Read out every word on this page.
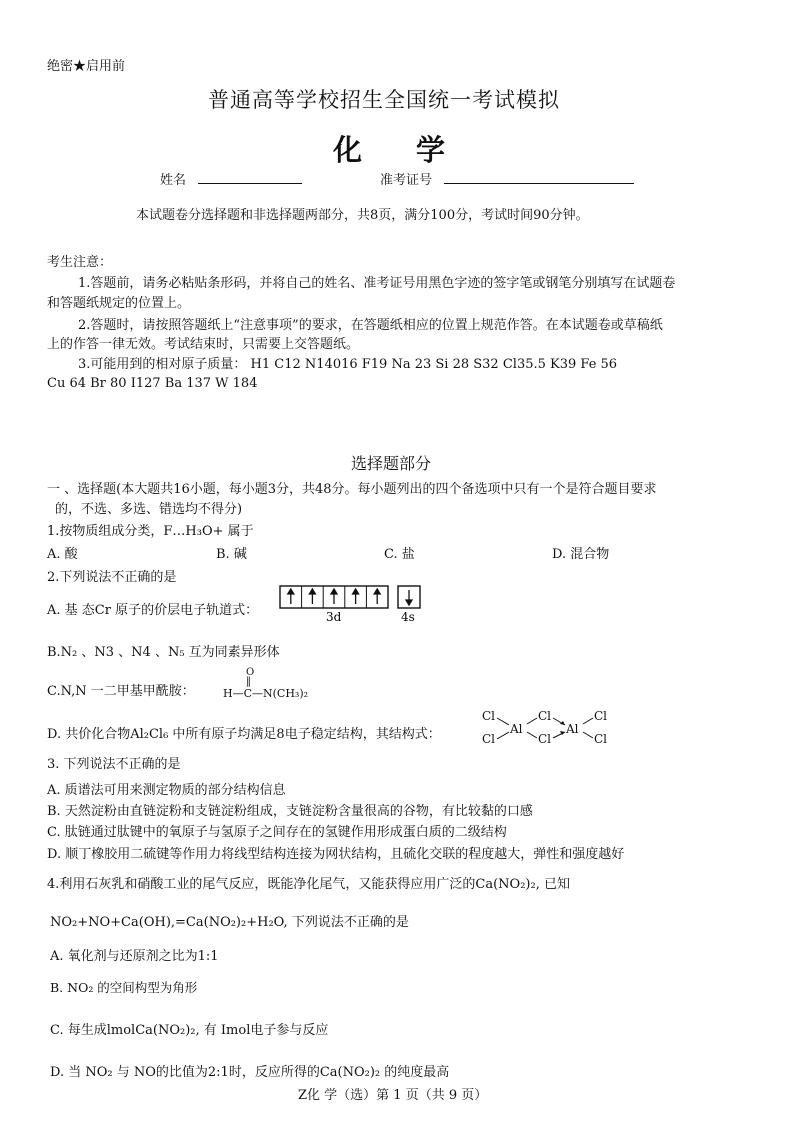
绝密★启用前
普通高等学校招生全国统一考试模拟
化学
姓名	准考证号
本试题卷分选择题和非选择题两部分，共8页，满分100分，考试时间90分钟。
考生注意：
1.答题前，请务必粘贴条形码，并将自己的姓名、准考证号用黑色字迹的签字笔或钢笔分别填写在试题卷
和答题纸规定的位置上。
2.答题时，请按照答题纸上“注意事项”的要求，在答题纸相应的位置上规范作答。在本试题卷或草稿纸
上的作答一律无效。考试结束时，只需要上交答题纸。
3.可能用到的相对原子质量： H1 C12 N14016 F19 Na 23 Si 28 S32 Cl35.5 K39 Fe 56
Cu 64 Br 80 I127 Ba 137 W 184
选择题部分
一 、选择题(本大题共16小题，每小题3分，共48分。每小题列出的四个备选项中只有一个是符合题目要求
的，不选、多选、错选均不得分)
1.按物质组成分类，F…H₃O+ 属于
A. 酸	B. 碱	C. 盐	D. 混合物
2.下列说法不正确的是
A. 基 态Cr 原子的价层电子轨道式：	3d	4s
B.N₂ 、N3 、N4 、N₅ 互为同素异形体
C.N,N 一二甲基甲酰胺：
O
‖
H—C—N(CH₃)₂
D. 共价化合物Al₂Cl₆ 中所有原子均满足8电子稳定结构，其结构式：
Cl
Cl
Al
Cl
Cl
Al
Cl
Cl
3. 下列说法不正确的是
A. 质谱法可用来测定物质的部分结构信息
B. 天然淀粉由直链淀粉和支链淀粉组成，支链淀粉含量很高的谷物，有比较黏的口感
C. 肽链通过肽键中的氧原子与氢原子之间存在的氢键作用形成蛋白质的二级结构
D. 顺丁橡胶用二硫键等作用力将线型结构连接为网状结构，且硫化交联的程度越大，弹性和强度越好
4.利用石灰乳和硝酸工业的尾气反应，既能净化尾气，又能获得应用广泛的Ca(NO₂)₂, 已知
NO₂+NO+Ca(OH),=Ca(NO₂)₂+H₂O, 下列说法不正确的是
A. 氧化剂与还原剂之比为1:1
B. NO₂ 的空间构型为角形
C. 每生成lmolCa(NO₂)₂, 有 Imol电子参与反应
D. 当 NO₂ 与 NO的比值为2:1时，反应所得的Ca(NO₂)₂ 的纯度最高
Z化 学（选）第 1 页（共 9 页）
